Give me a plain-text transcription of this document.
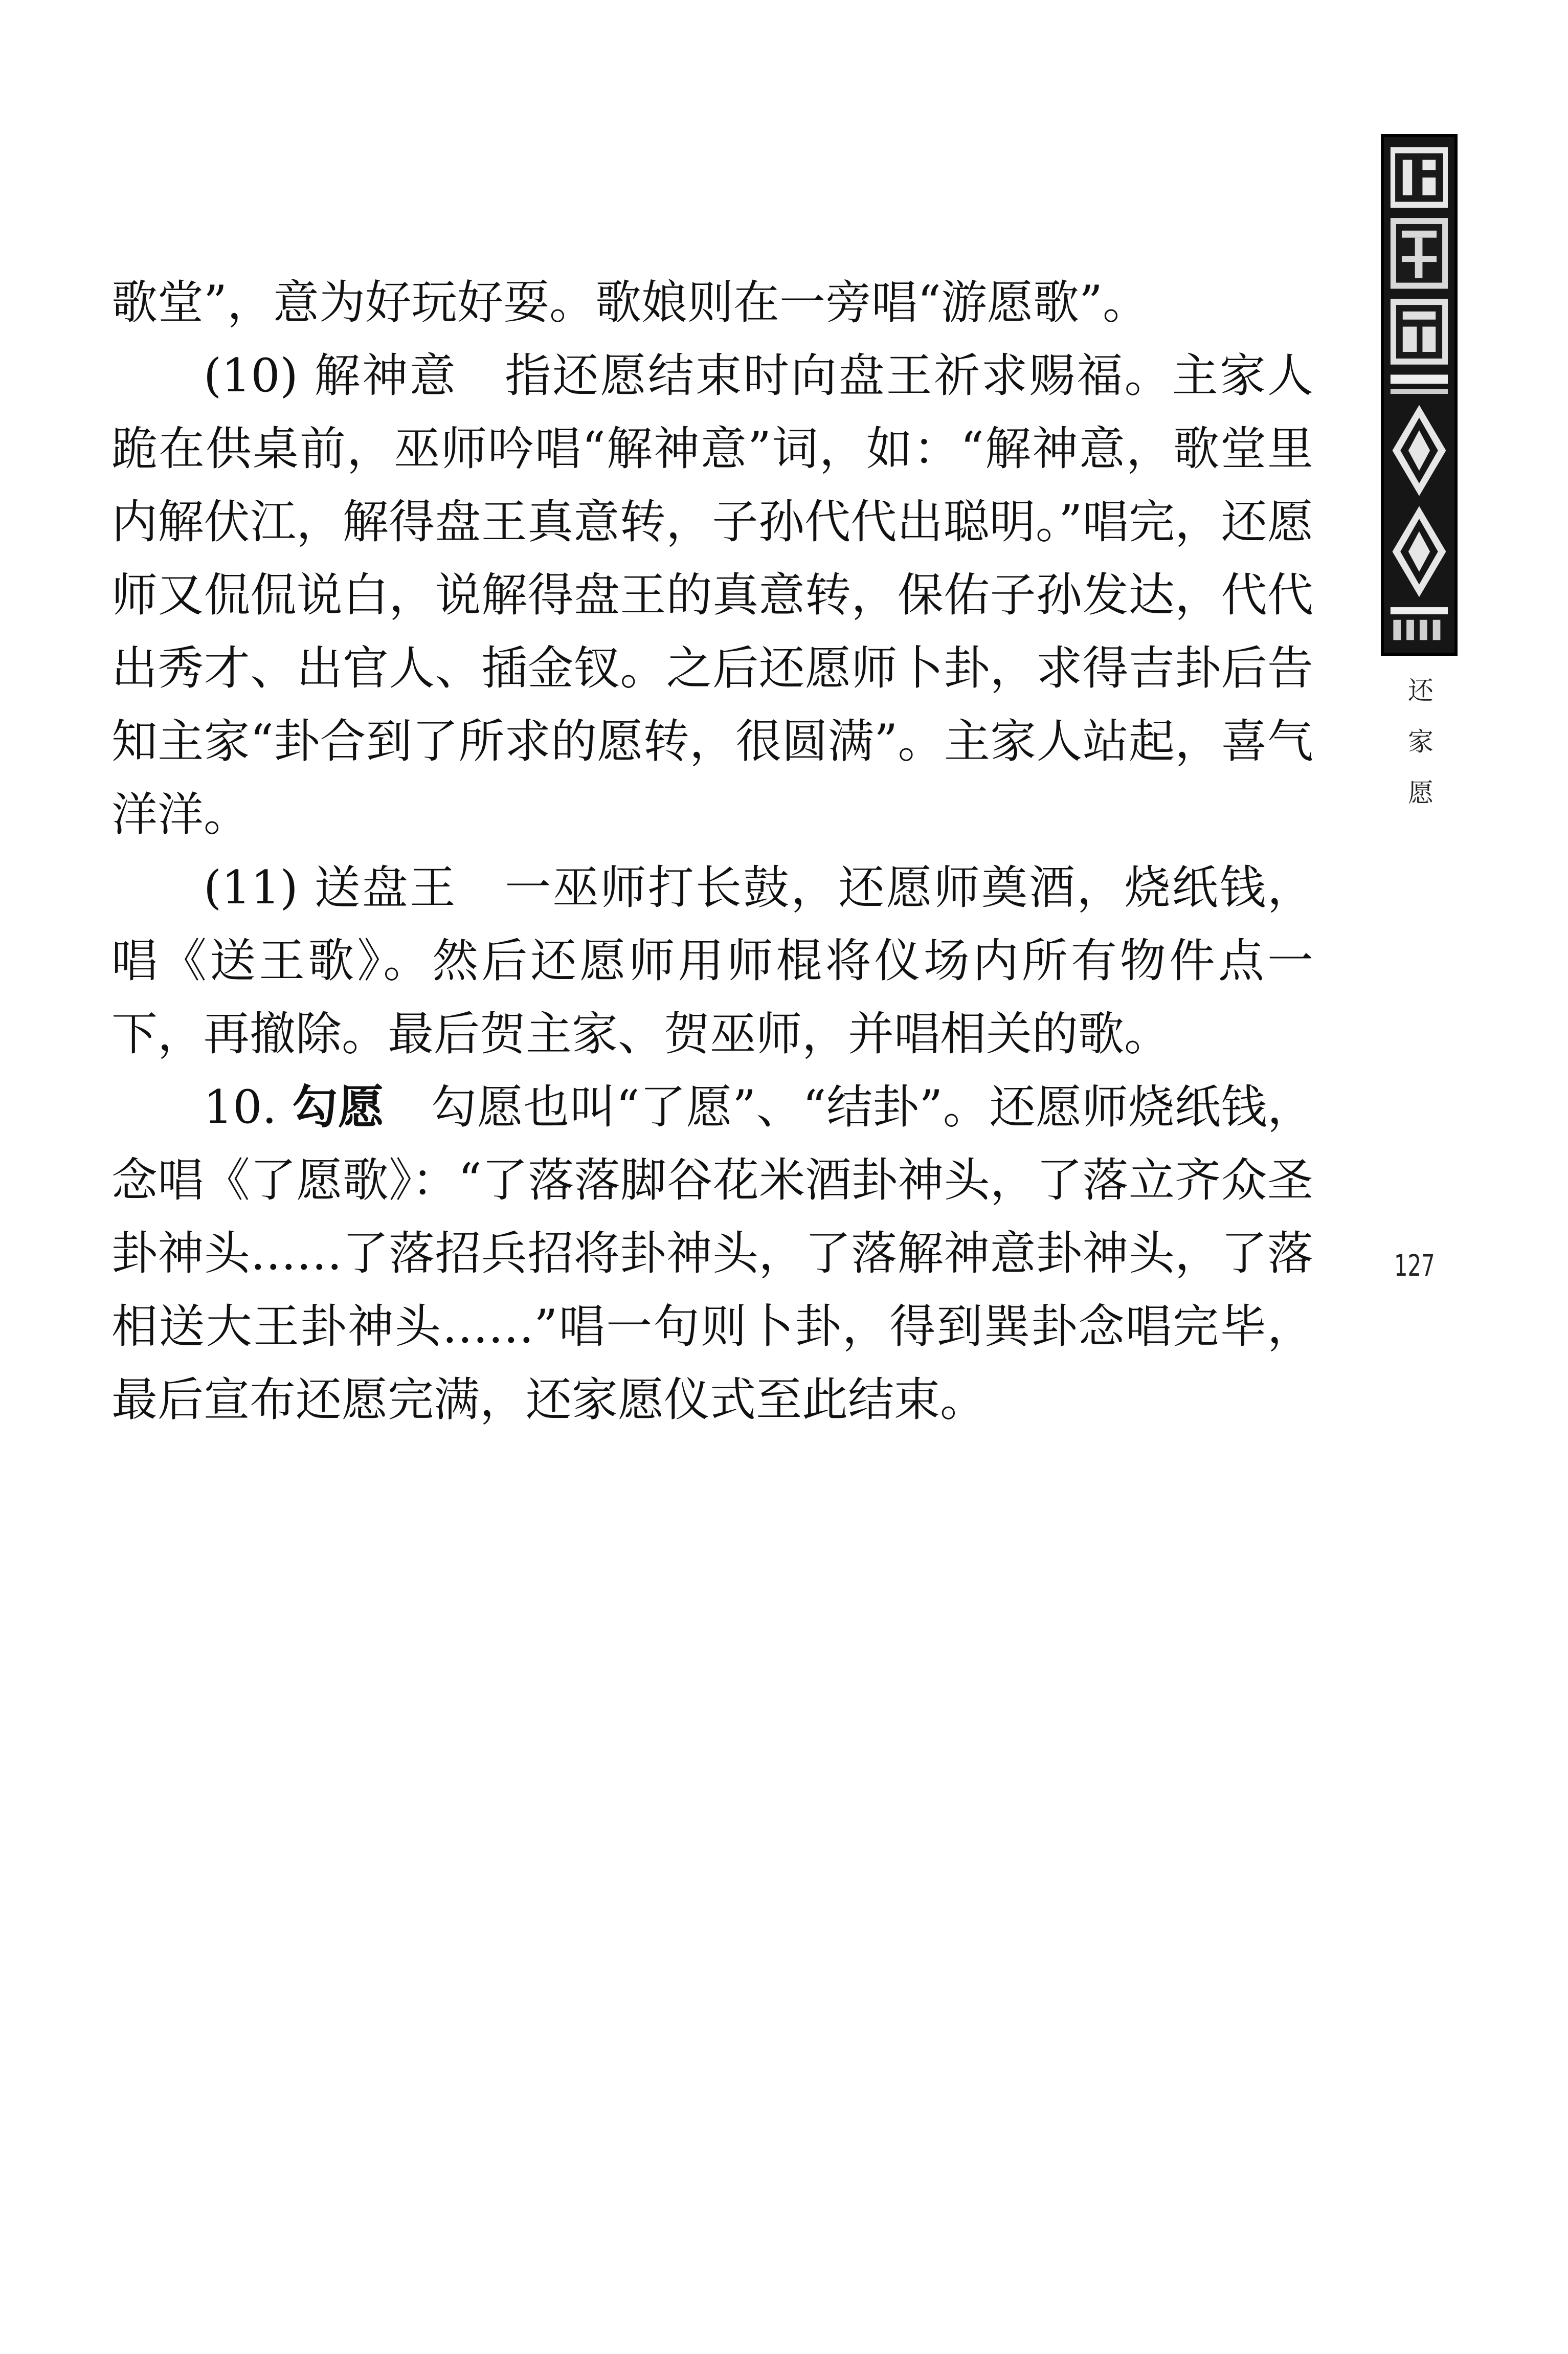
还
家
愿
127

歌堂”，意为好玩好耍。歌娘则在一旁唱“游愿歌”。

(10) 解神意 指还愿结束时向盘王祈求赐福。主家人跪在供桌前，巫师吟唱“解神意”词，如：“解神意，歌堂里内解伏江，解得盘王真意转，子孙代代出聪明。”唱完，还愿师又侃侃说白，说解得盘王的真意转，保佑子孙发达，代代出秀才、出官人、插金钗。之后还愿师卜卦，求得吉卦后告知主家“卦合到了所求的愿转，很圆满”。主家人站起，喜气洋洋。

(11) 送盘王 一巫师打长鼓，还愿师奠酒，烧纸钱，唱《送王歌》。然后还愿师用师棍将仪场内所有物件点一下，再撤除。最后贺主家、贺巫师，并唱相关的歌。

10. 勾愿 勾愿也叫“了愿”、“结卦”。还愿师烧纸钱，念唱《了愿歌》：“了落落脚谷花米酒卦神头，了落立齐众圣卦神头……了落招兵招将卦神头，了落解神意卦神头，了落相送大王卦神头……”唱一句则卜卦，得到巽卦念唱完毕，最后宣布还愿完满，还家愿仪式至此结束。
